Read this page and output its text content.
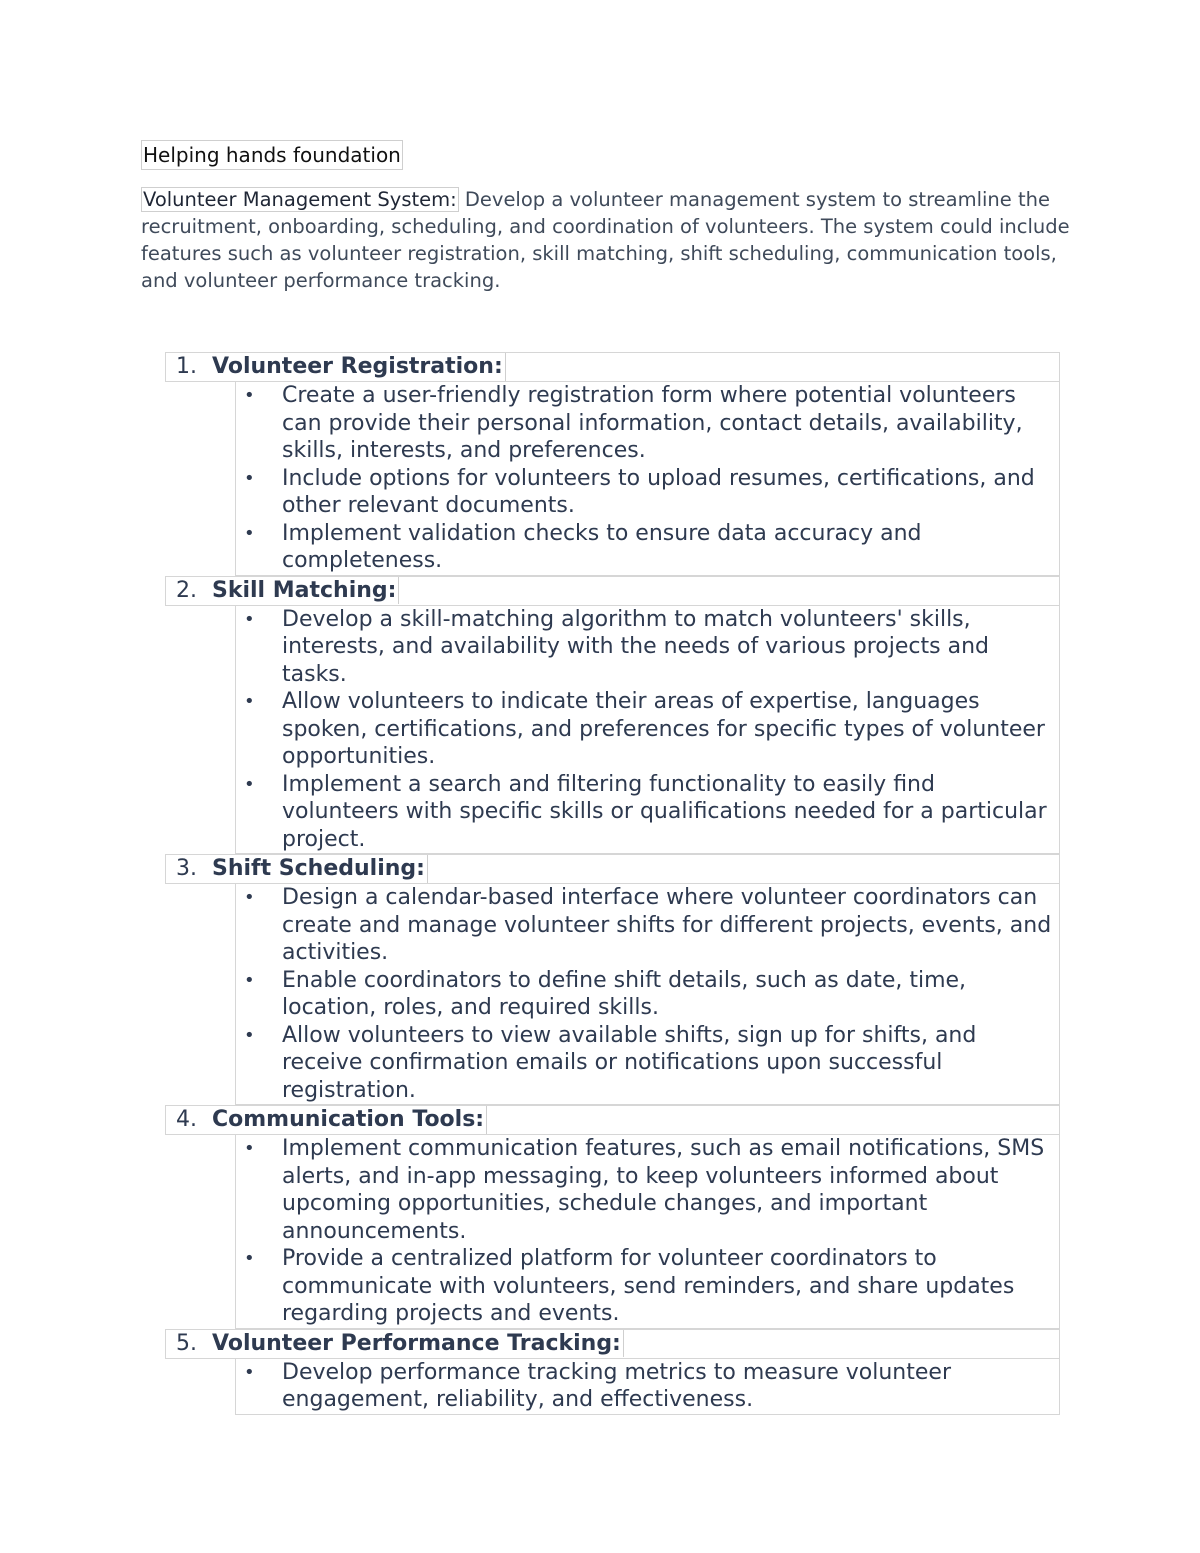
Helping hands foundation
Volunteer Management System: Develop a volunteer management system to streamline the recruitment, onboarding, scheduling, and coordination of volunteers. The system could include features such as volunteer registration, skill matching, shift scheduling, communication tools, and volunteer performance tracking.
1. Volunteer Registration:
• Create a user-friendly registration form where potential volunteers can provide their personal information, contact details, availability, skills, interests, and preferences.
• Include options for volunteers to upload resumes, certifications, and other relevant documents.
• Implement validation checks to ensure data accuracy and completeness.
2. Skill Matching:
• Develop a skill-matching algorithm to match volunteers' skills, interests, and availability with the needs of various projects and tasks.
• Allow volunteers to indicate their areas of expertise, languages spoken, certifications, and preferences for specific types of volunteer opportunities.
• Implement a search and filtering functionality to easily find volunteers with specific skills or qualifications needed for a particular project.
3. Shift Scheduling:
• Design a calendar-based interface where volunteer coordinators can create and manage volunteer shifts for different projects, events, and activities.
• Enable coordinators to define shift details, such as date, time, location, roles, and required skills.
• Allow volunteers to view available shifts, sign up for shifts, and receive confirmation emails or notifications upon successful registration.
4. Communication Tools:
• Implement communication features, such as email notifications, SMS alerts, and in-app messaging, to keep volunteers informed about upcoming opportunities, schedule changes, and important announcements.
• Provide a centralized platform for volunteer coordinators to communicate with volunteers, send reminders, and share updates regarding projects and events.
5. Volunteer Performance Tracking:
• Develop performance tracking metrics to measure volunteer engagement, reliability, and effectiveness.
